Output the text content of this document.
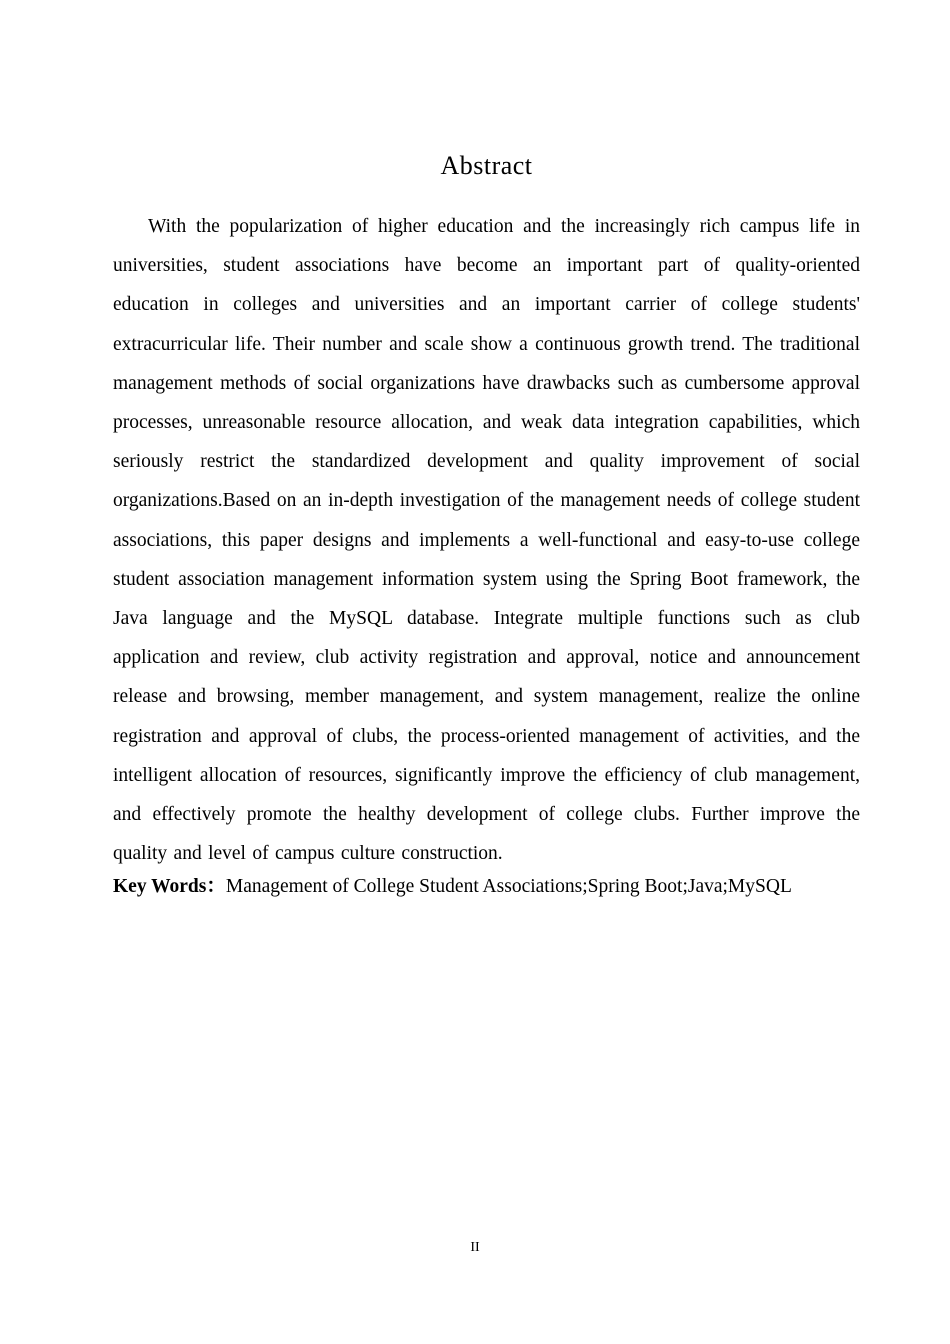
Abstract

With the popularization of higher education and the increasingly rich campus life in universities, student associations have become an important part of quality-oriented education in colleges and universities and an important carrier of college students' extracurricular life. Their number and scale show a continuous growth trend. The traditional management methods of social organizations have drawbacks such as cumbersome approval processes, unreasonable resource allocation, and weak data integration capabilities, which seriously restrict the standardized development and quality improvement of social organizations.Based on an in-depth investigation of the management needs of college student associations, this paper designs and implements a well-functional and easy-to-use college student association management information system using the Spring Boot framework, the Java language and the MySQL database. Integrate multiple functions such as club application and review, club activity registration and approval, notice and announcement release and browsing, member management, and system management, realize the online registration and approval of clubs, the process-oriented management of activities, and the intelligent allocation of resources, significantly improve the efficiency of club management, and effectively promote the healthy development of college clubs. Further improve the quality and level of campus culture construction.

Key Words：Management of College Student Associations;Spring Boot;Java;MySQL

II
